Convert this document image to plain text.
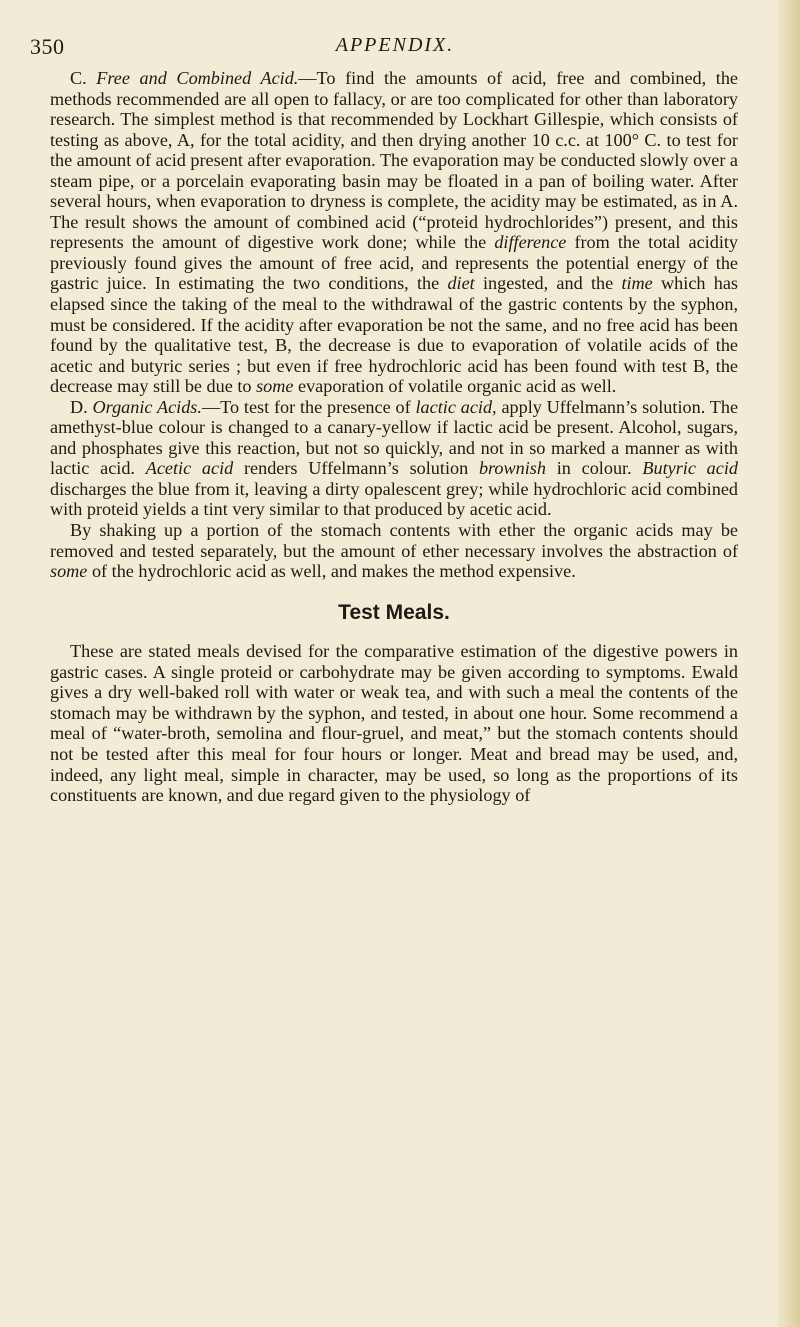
350	APPENDIX.

C. Free and Combined Acid.—To find the amounts of acid, free and combined, the methods recommended are all open to fallacy, or are too complicated for other than laboratory research. The simplest method is that recommended by Lockhart Gillespie, which consists of testing as above, A, for the total acidity, and then drying another 10 c.c. at 100° C. to test for the amount of acid present after evaporation. The evaporation may be conducted slowly over a steam pipe, or a porcelain evaporating basin may be floated in a pan of boiling water. After several hours, when evaporation to dryness is complete, the acidity may be estimated, as in A. The result shows the amount of combined acid (“proteid hydrochlorides”) present, and this represents the amount of digestive work done; while the difference from the total acidity previously found gives the amount of free acid, and represents the potential energy of the gastric juice. In estimating the two conditions, the diet ingested, and the time which has elapsed since the taking of the meal to the withdrawal of the gastric contents by the syphon, must be considered. If the acidity after evaporation be not the same, and no free acid has been found by the qualitative test, B, the decrease is due to evaporation of volatile acids of the acetic and butyric series ; but even if free hydrochloric acid has been found with test B, the decrease may still be due to some evaporation of volatile organic acid as well.

D. Organic Acids.—To test for the presence of lactic acid, apply Uffelmann’s solution. The amethyst-blue colour is changed to a canary-yellow if lactic acid be present. Alcohol, sugars, and phosphates give this reaction, but not so quickly, and not in so marked a manner as with lactic acid. Acetic acid renders Uffelmann’s solution brownish in colour. Butyric acid discharges the blue from it, leaving a dirty opalescent grey; while hydrochloric acid combined with proteid yields a tint very similar to that produced by acetic acid.

By shaking up a portion of the stomach contents with ether the organic acids may be removed and tested separately, but the amount of ether necessary involves the abstraction of some of the hydrochloric acid as well, and makes the method expensive.

Test Meals.

These are stated meals devised for the comparative estimation of the digestive powers in gastric cases. A single proteid or carbohydrate may be given according to symptoms. Ewald gives a dry well-baked roll with water or weak tea, and with such a meal the contents of the stomach may be withdrawn by the syphon, and tested, in about one hour. Some recommend a meal of “water-broth, semolina and flour-gruel, and meat,” but the stomach contents should not be tested after this meal for four hours or longer. Meat and bread may be used, and, indeed, any light meal, simple in character, may be used, so long as the proportions of its constituents are known, and due regard given to the physiology of
